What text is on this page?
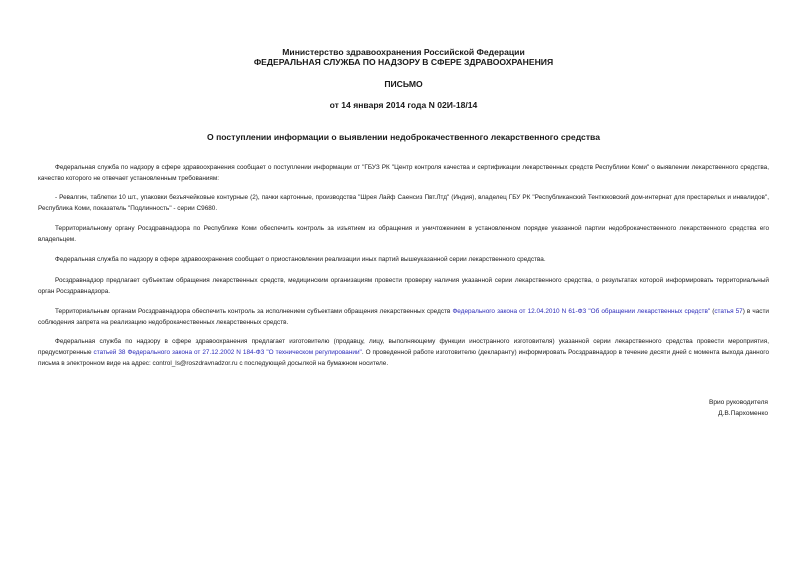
Министерство здравоохранения Российской Федерации
ФЕДЕРАЛЬНАЯ СЛУЖБА ПО НАДЗОРУ В СФЕРЕ ЗДРАВООХРАНЕНИЯ
ПИСЬМО
от 14 января 2014 года N 02И-18/14
О поступлении информации о выявлении недоброкачественного лекарственного средства
Федеральная служба по надзору в сфере здравоохранения сообщает о поступлении информации от "ГБУЗ РК "Центр контроля качества и сертификации лекарственных средств Республики Коми" о выявлении лекарственного средства, качество которого не отвечает установленным требованиям:
- Ревалгин, таблетки 10 шт., упаковки безъячейковые контурные (2), пачки картонные, производства "Шрея Лайф Саенсиз Пвт.Лтд" (Индия), владелец ГБУ РК "Республиканский Тентюковский дом-интернат для престарелых и инвалидов", Республика Коми, показатель "Подлинность" - серии С9680.
Территориальному органу Росздравнадзора по Республике Коми обеспечить контроль за изъятием из обращения и уничтожением в установленном порядке указанной партии недоброкачественного лекарственного средства его владельцем.
Федеральная служба по надзору в сфере здравоохранения сообщает о приостановлении реализации иных партий вышеуказанной серии лекарственного средства.
Росздравнадзор предлагает субъектам обращения лекарственных средств, медицинским организациям провести проверку наличия указанной серии лекарственного средства, о результатах которой информировать территориальный орган Росздравнадзора.
Территориальным органам Росздравнадзора обеспечить контроль за исполнением субъектами обращения лекарственных средств Федерального закона от 12.04.2010 N 61-ФЗ "Об обращении лекарственных средств" (статья 57) в части соблюдения запрета на реализацию недоброкачественных лекарственных средств.
Федеральная служба по надзору в сфере здравоохранения предлагает изготовителю (продавцу, лицу, выполняющему функции иностранного изготовителя) указанной серии лекарственного средства провести мероприятия, предусмотренные статьей 38 Федерального закона от 27.12.2002 N 184-ФЗ "О техническом регулировании". О проведенной работе изготовителю (декларанту) информировать Росздравнадзор в течение десяти дней с момента выхода данного письма в электронном виде на адрес: control_ls@roszdravnadzor.ru с последующей досылкой на бумажном носителе.
Врио руководителя
Д.В.Пархоменко
